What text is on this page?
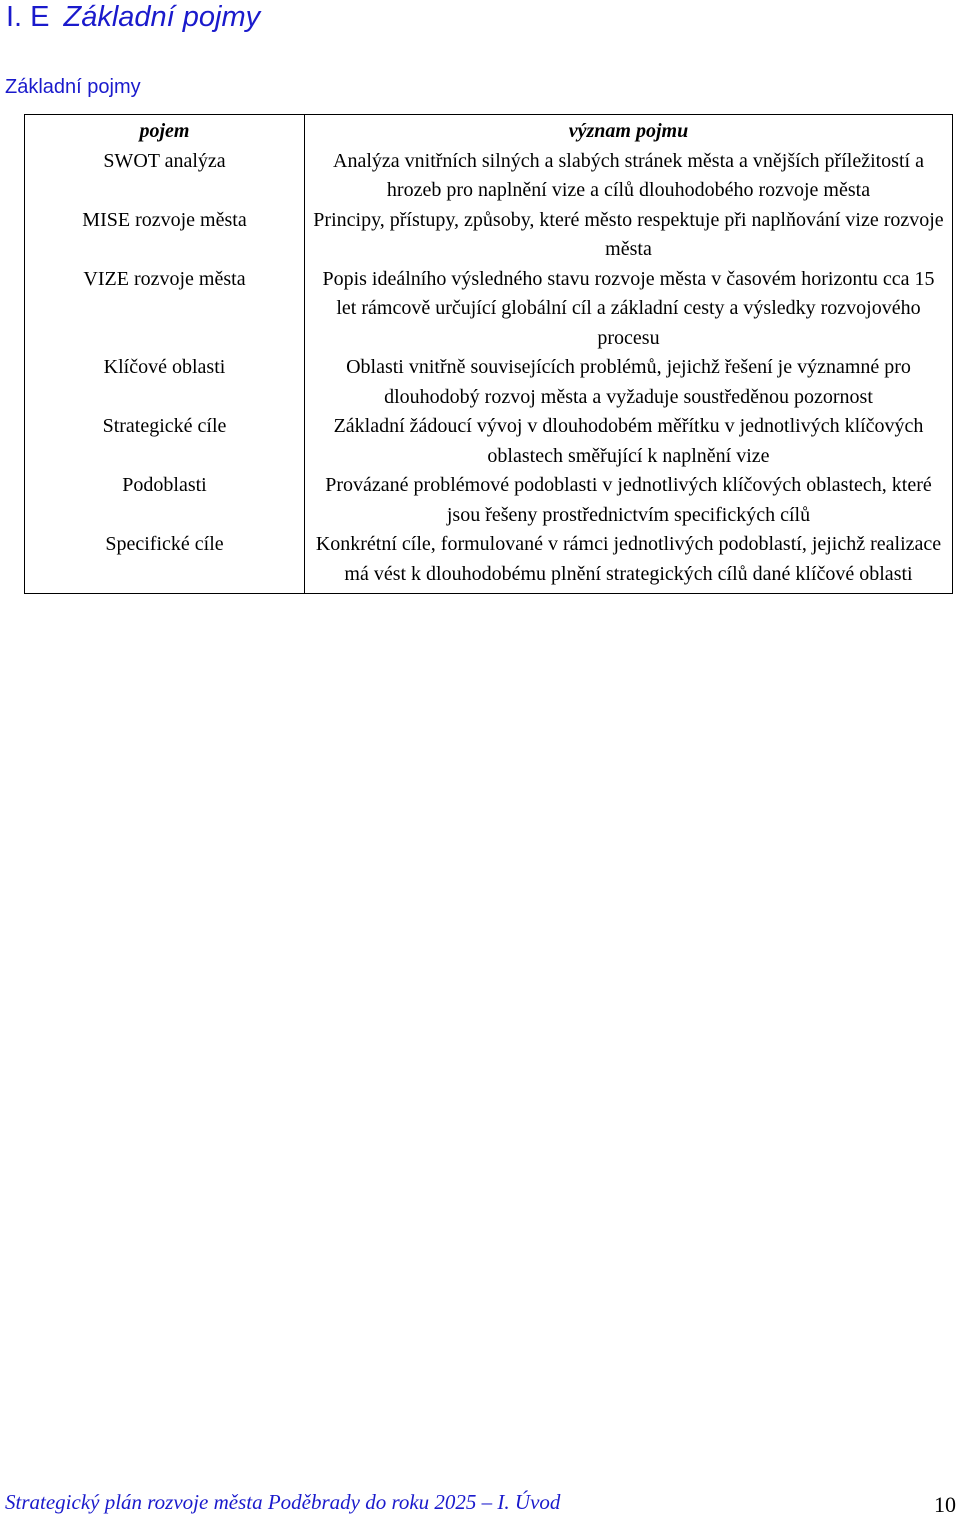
I. E Základní pojmy
Základní pojmy
pojem	význam pojmu
SWOT analýza	Analýza vnitřních silných a slabých stránek města a vnějších příležitostí a hrozeb pro naplnění vize a cílů dlouhodobého rozvoje města
MISE rozvoje města	Principy, přístupy, způsoby, které město respektuje při naplňování vize rozvoje města
VIZE rozvoje města	Popis ideálního výsledného stavu rozvoje města v časovém horizontu cca 15 let rámcově určující globální cíl a základní cesty a výsledky rozvojového procesu
Klíčové oblasti	Oblasti vnitřně souvisejících problémů, jejichž řešení je významné pro dlouhodobý rozvoj města a vyžaduje soustředěnou pozornost
Strategické cíle	Základní žádoucí vývoj v dlouhodobém měřítku v jednotlivých klíčových oblastech směřující k naplnění vize
Podoblasti	Provázané problémové podoblasti v jednotlivých klíčových oblastech, které jsou řešeny prostřednictvím specifických cílů
Specifické cíle	Konkrétní cíle, formulované v rámci jednotlivých podoblastí, jejichž realizace má vést k dlouhodobému plnění strategických cílů dané klíčové oblasti
Strategický plán rozvoje města Poděbrady do roku 2025 – I. Úvod	10
